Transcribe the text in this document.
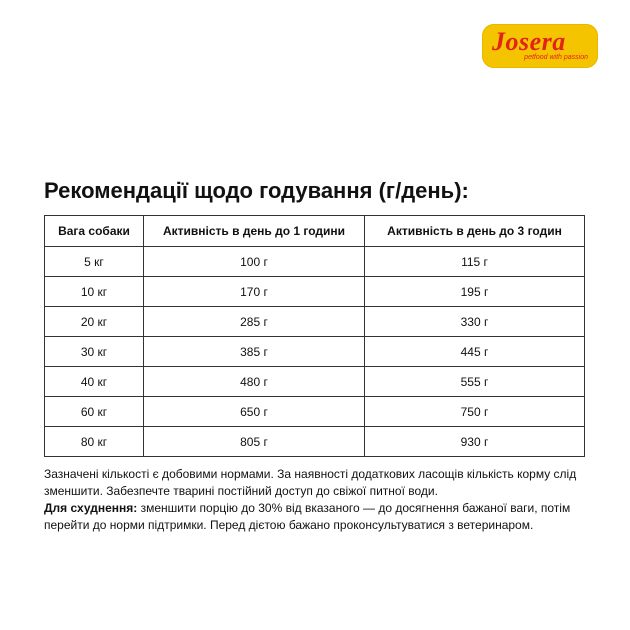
Josera
petfood with passion
Рекомендації щодо годування (г/день):
Вага собаки	Активність в день до 1 години	Активність в день до 3 годин
5 кг	100 г	115 г
10 кг	170 г	195 г
20 кг	285 г	330 г
30 кг	385 г	445 г
40 кг	480 г	555 г
60 кг	650 г	750 г
80 кг	805 г	930 г

Зазначені кількості є добовими нормами. За наявності додаткових ласощів кількість корму слід зменшити. Забезпечте тварині постійний доступ до свіжої питної води.

Для схуднення: зменшити порцію до 30% від вказаного — до досягнення бажаної ваги, потім перейти до норми підтримки. Перед дієтою бажано проконсультуватися з ветеринаром.
